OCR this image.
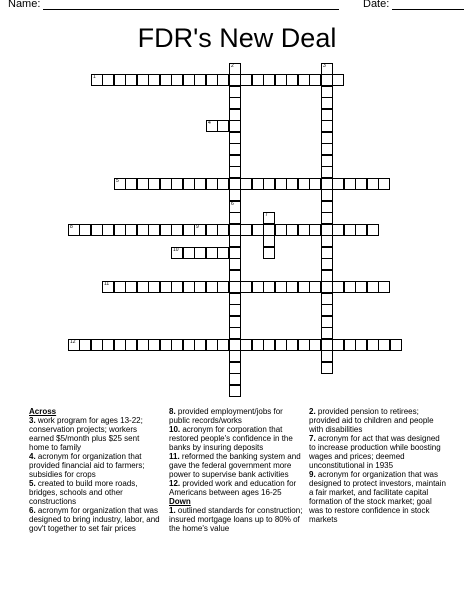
Name:	Date:
FDR's New Deal
1
2
6
3
4
5
7
8	9
10
11
12

Across

3. work program for ages 13-22; conservation projects; workers earned $5/month plus $25 sent home to family

4. acronym for organization that provided financial aid to farmers; subsidies for crops

5. created to build more roads, bridges, schools and other constructions

6. acronym for organization that was designed to bring industry, labor, and gov't together to set fair prices

8. provided employment/jobs for public records/works

10. acronym for corporation that restored people's confidence in the banks by insuring deposits

11. reformed the banking system and gave the federal government more power to supervise bank activities

12. provided work and education for Americans between ages 16-25

Down

1. outlined standards for construction; insured mortgage loans up to 80% of the home's value

2. provided pension to retirees; provided aid to children and people with disabilities

7. acronym for act that was designed to increase production while boosting wages and prices; deemed unconstitutional in 1935

9. acronym for organization that was designed to protect investors, maintain a fair market, and facilitate capital formation of the stock market; goal was to restore confidence in stock markets
